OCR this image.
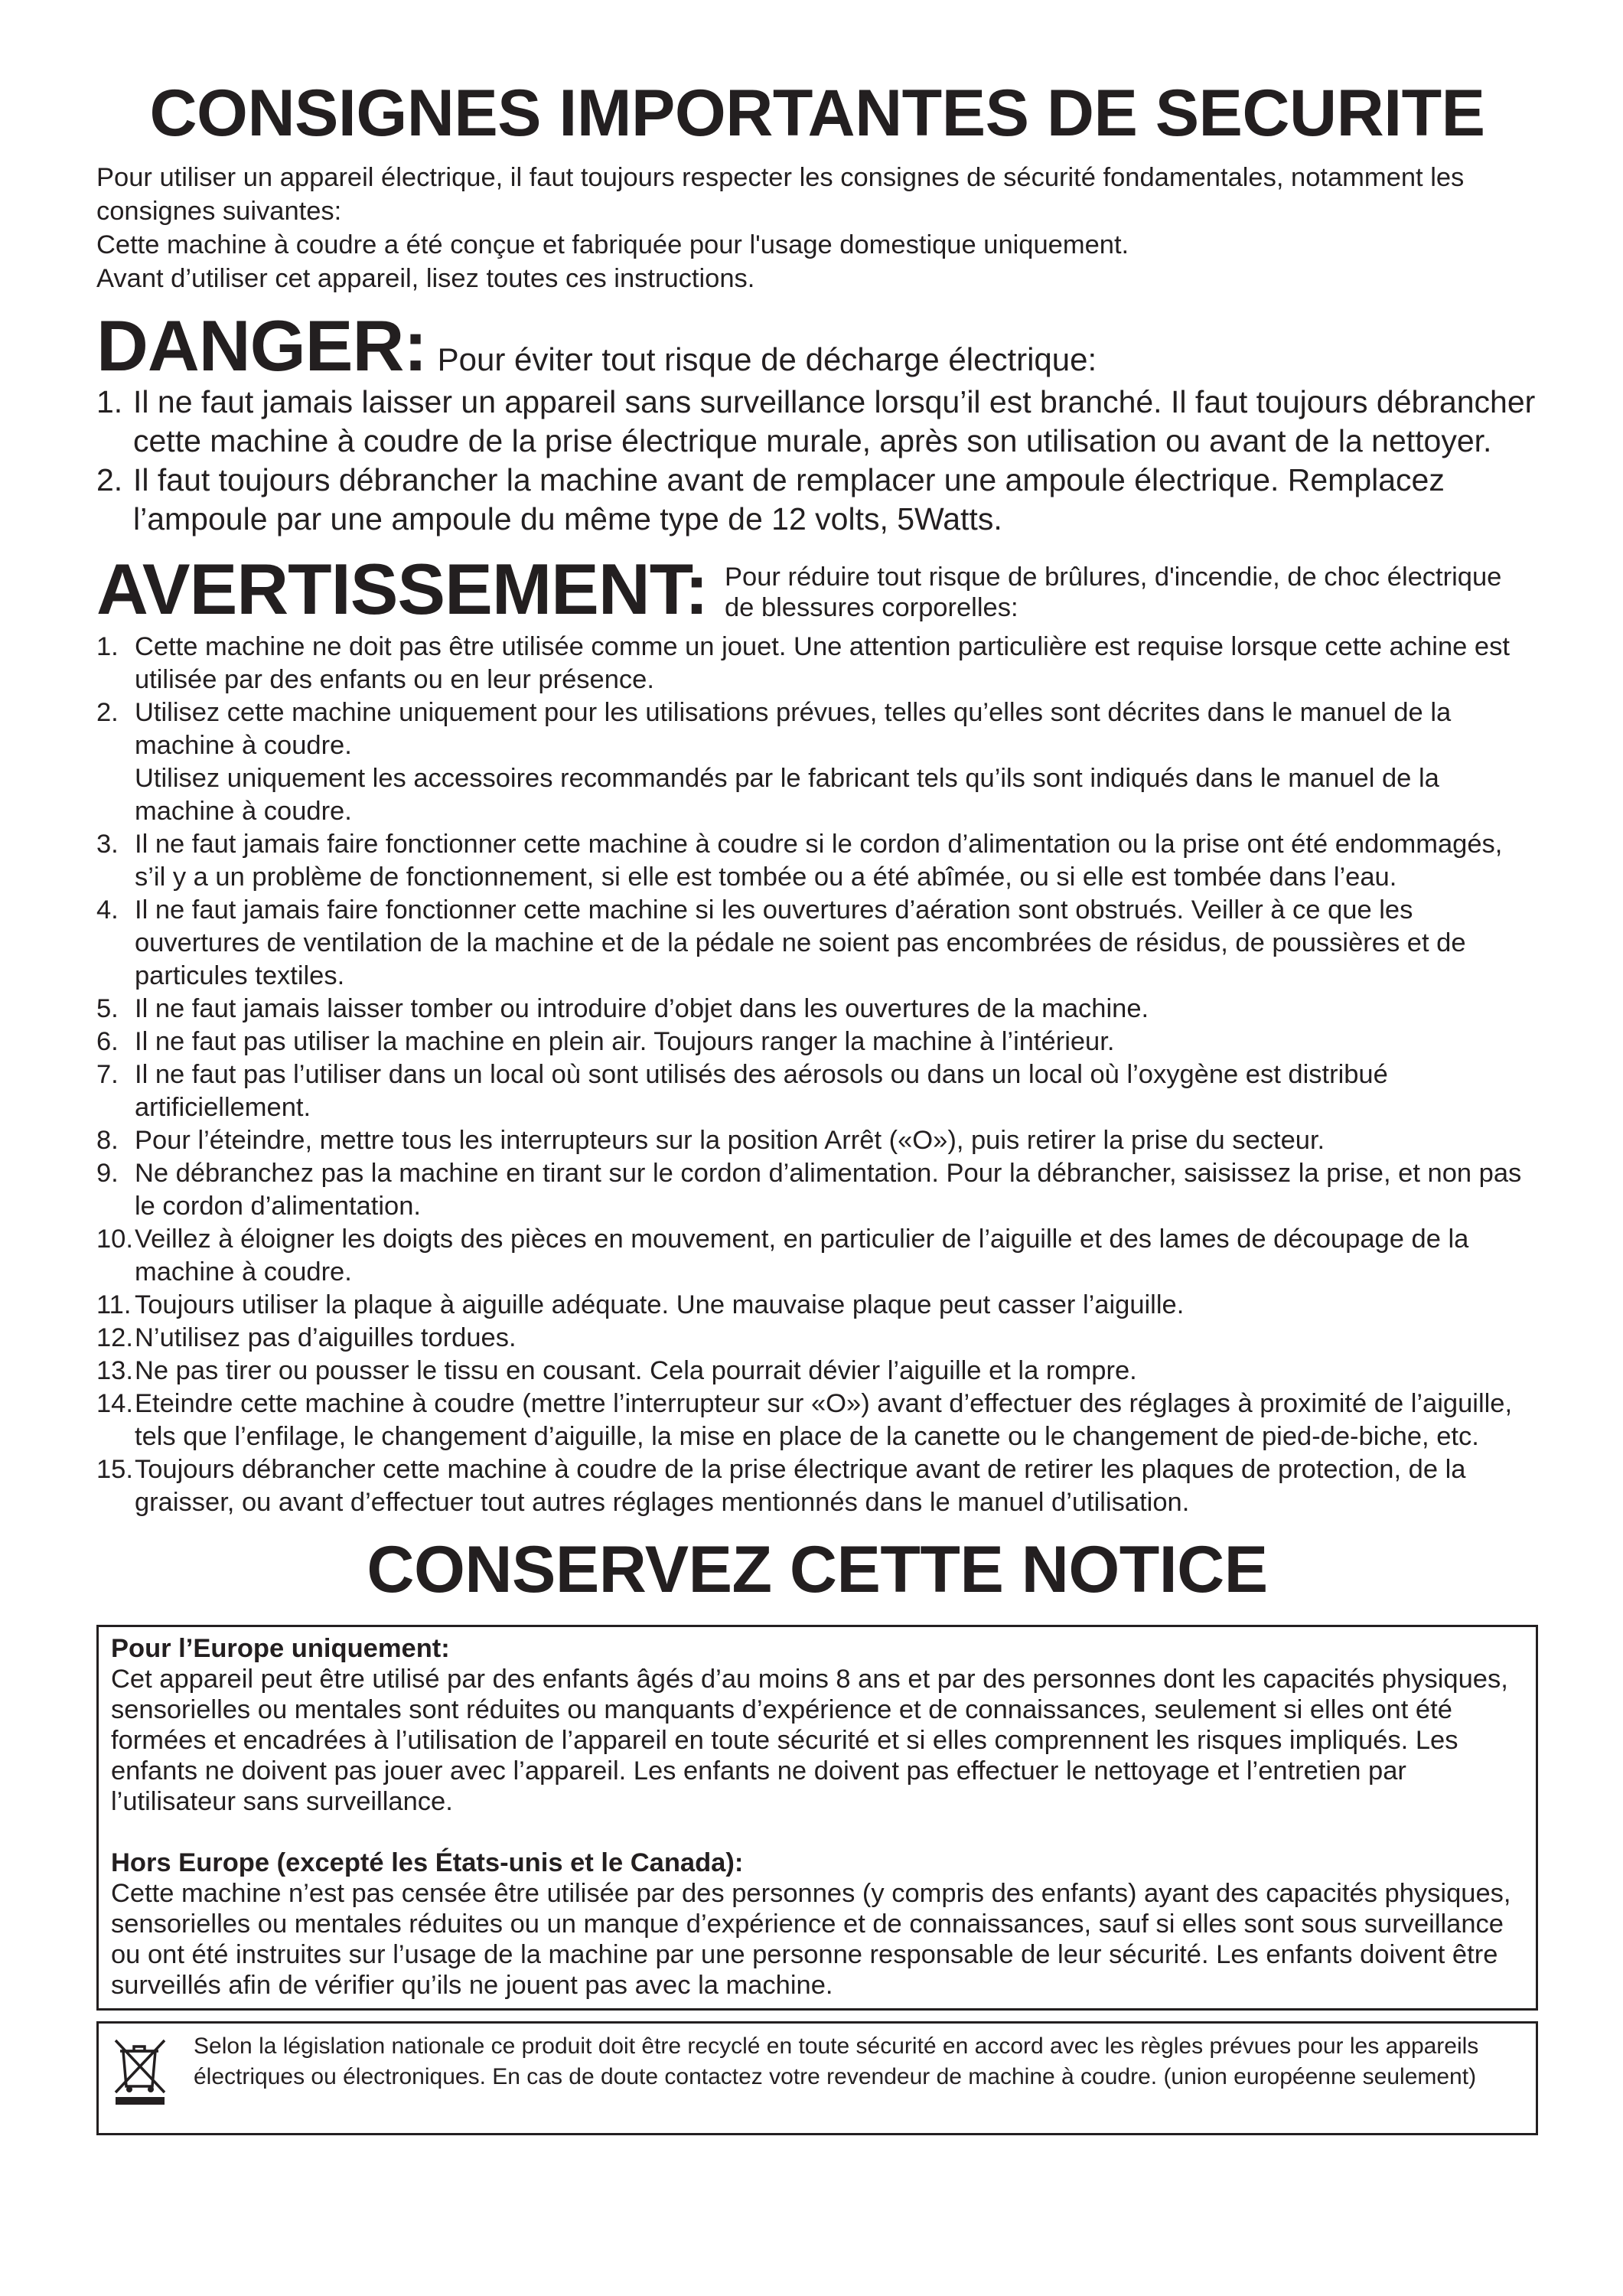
CONSIGNES IMPORTANTES DE SECURITE

Pour utiliser un appareil électrique, il faut toujours respecter les consignes de sécurité fondamentales, notamment les consignes suivantes:

Cette machine à coudre a été conçue et fabriquée pour l'usage domestique uniquement.

Avant d’utiliser cet appareil, lisez toutes ces instructions.

DANGER: Pour éviter tout risque de décharge électrique:
1. Il ne faut jamais laisser un appareil sans surveillance lorsqu’il est branché. Il faut toujours débrancher cette machine à coudre de la prise électrique murale, après son utilisation ou avant de la nettoyer.
2. Il faut toujours débrancher la machine avant de remplacer une ampoule électrique. Remplacez l’ampoule par une ampoule du même type de 12 volts, 5Watts.
AVERTISSEMENT: Pour réduire tout risque de brûlures, d'incendie, de choc électrique de blessures corporelles:
1. Cette machine ne doit pas être utilisée comme un jouet. Une attention particulière est requise lorsque cette achine est utilisée par des enfants ou en leur présence.
2. Utilisez cette machine uniquement pour les utilisations prévues, telles qu’elles sont décrites dans le manuel de la machine à coudre.
Utilisez uniquement les accessoires recommandés par le fabricant tels qu’ils sont indiqués dans le manuel de la machine à coudre.
3. Il ne faut jamais faire fonctionner cette machine à coudre si le cordon d’alimentation ou la prise ont été endommagés, s’il y a un problème de fonctionnement, si elle est tombée ou a été abîmée, ou si elle est tombée dans l’eau.
4. Il ne faut jamais faire fonctionner cette machine si les ouvertures d’aération sont obstrués. Veiller à ce que les ouvertures de ventilation de la machine et de la pédale ne soient pas encombrées de résidus, de poussières et de particules textiles.
5. Il ne faut jamais laisser tomber ou introduire d’objet dans les ouvertures de la machine.
6. Il ne faut pas utiliser la machine en plein air. Toujours ranger la machine à l’intérieur.
7. Il ne faut pas l’utiliser dans un local où sont utilisés des aérosols ou dans un local où l’oxygène est distribué artificiellement.
8. Pour l’éteindre, mettre tous les interrupteurs sur la position Arrêt («O»), puis retirer la prise du secteur.
9. Ne débranchez pas la machine en tirant sur le cordon d’alimentation. Pour la débrancher, saisissez la prise, et non pas le cordon d’alimentation.
10. Veillez à éloigner les doigts des pièces en mouvement, en particulier de l’aiguille et des lames de découpage de la machine à coudre.
11. Toujours utiliser la plaque à aiguille adéquate. Une mauvaise plaque peut casser l’aiguille.
12. N’utilisez pas d’aiguilles tordues.
13. Ne pas tirer ou pousser le tissu en cousant. Cela pourrait dévier l’aiguille et la rompre.
14. Eteindre cette machine à coudre (mettre l’interrupteur sur «O») avant d’effectuer des réglages à proximité de l’aiguille, tels que l’enfilage, le changement d’aiguille, la mise en place de la canette ou le changement de pied-de-biche, etc.
15. Toujours débrancher cette machine à coudre de la prise électrique avant de retirer les plaques de protection, de la graisser, ou avant d’effectuer tout autres réglages mentionnés dans le manuel d’utilisation.
CONSERVEZ CETTE NOTICE

Pour l’Europe uniquement:

Cet appareil peut être utilisé par des enfants âgés d’au moins 8 ans et par des personnes dont les capacités physiques, sensorielles ou mentales sont réduites ou manquants d’expérience et de connaissances, seulement si elles ont été formées et encadrées à l’utilisation de l’appareil en toute sécurité et si elles comprennent les risques impliqués. Les enfants ne doivent pas jouer avec l’appareil. Les enfants ne doivent pas effectuer le nettoyage et l’entretien par l’utilisateur sans surveillance.

Hors Europe (excepté les États-unis et le Canada):

Cette machine n’est pas censée être utilisée par des personnes (y compris des enfants) ayant des capacités physiques, sensorielles ou mentales réduites ou un manque d’expérience et de connaissances, sauf si elles sont sous surveillance ou ont été instruites sur l’usage de la machine par une personne responsable de leur sécurité. Les enfants doivent être surveillés afin de vérifier qu’ils ne jouent pas avec la machine.

Selon la législation nationale ce produit doit être recyclé en toute sécurité en accord avec les règles prévues pour les appareils électriques ou électroniques. En cas de doute contactez votre revendeur de machine à coudre. (union européenne seulement)
